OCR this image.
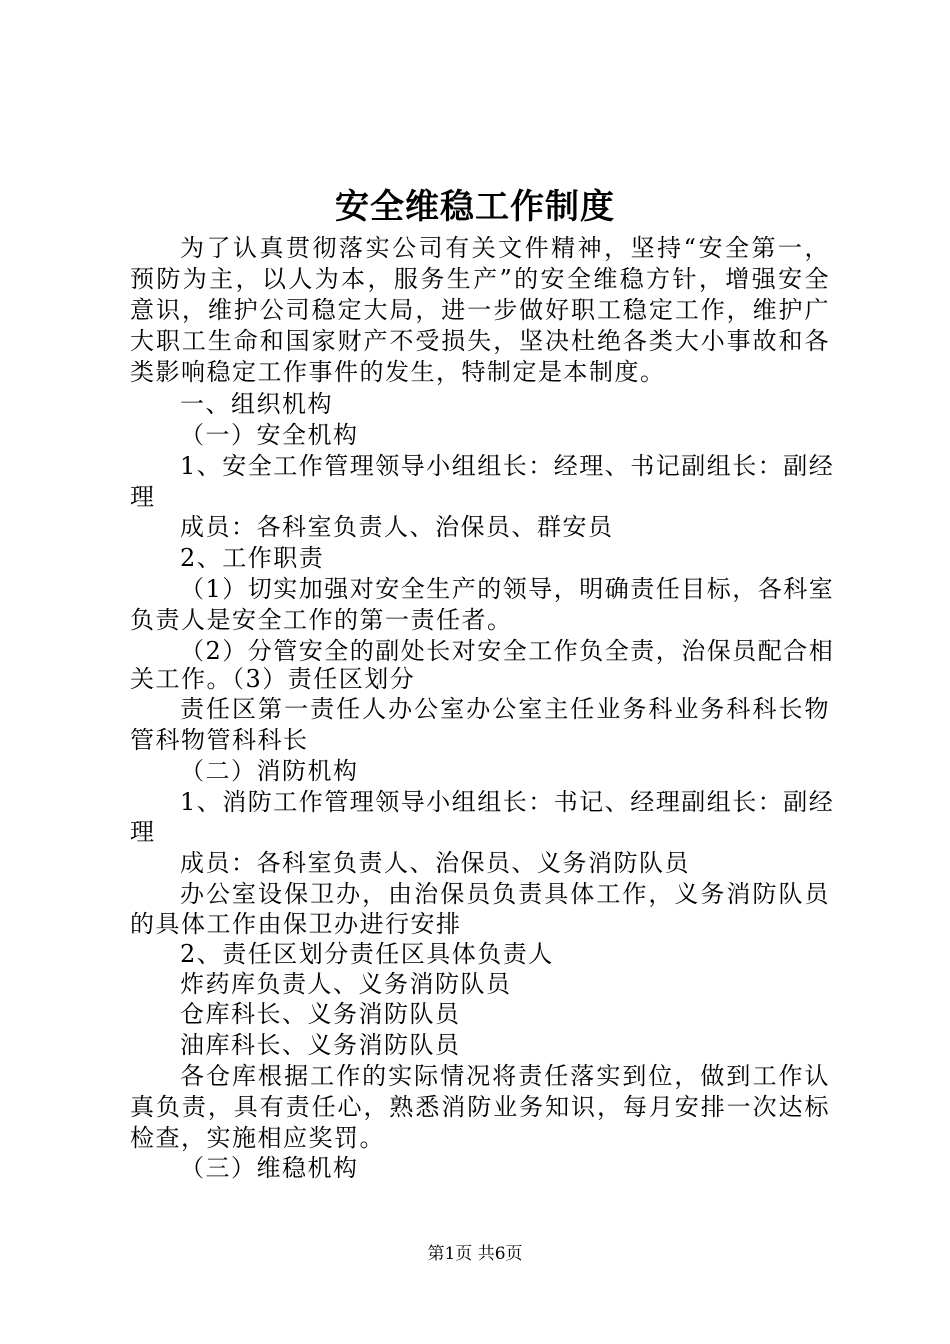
安全维稳工作制度
为了认真贯彻落实公司有关文件精神，坚持“安全第一，
预防为主，以人为本，服务生产”的安全维稳方针，增强安全
意识，维护公司稳定大局，进一步做好职工稳定工作，维护广
大职工生命和国家财产不受损失，坚决杜绝各类大小事故和各
类影响稳定工作事件的发生，特制定是本制度。
一、组织机构
（一）安全机构
1、安全工作管理领导小组组长：经理、书记副组长：副经
理
成员：各科室负责人、治保员、群安员
2、工作职责
（1）切实加强对安全生产的领导，明确责任目标，各科室
负责人是安全工作的第一责任者。
（2）分管安全的副处长对安全工作负全责，治保员配合相
关工作。（3）责任区划分
责任区第一责任人办公室办公室主任业务科业务科科长物
管科物管科科长
（二）消防机构
1、消防工作管理领导小组组长：书记、经理副组长：副经
理
成员：各科室负责人、治保员、义务消防队员
办公室设保卫办，由治保员负责具体工作，义务消防队员
的具体工作由保卫办进行安排
2、责任区划分责任区具体负责人
炸药库负责人、义务消防队员
仓库科长、义务消防队员
油库科长、义务消防队员
各仓库根据工作的实际情况将责任落实到位，做到工作认
真负责，具有责任心，熟悉消防业务知识，每月安排一次达标
检查，实施相应奖罚。
（三）维稳机构
第1页 共6页
